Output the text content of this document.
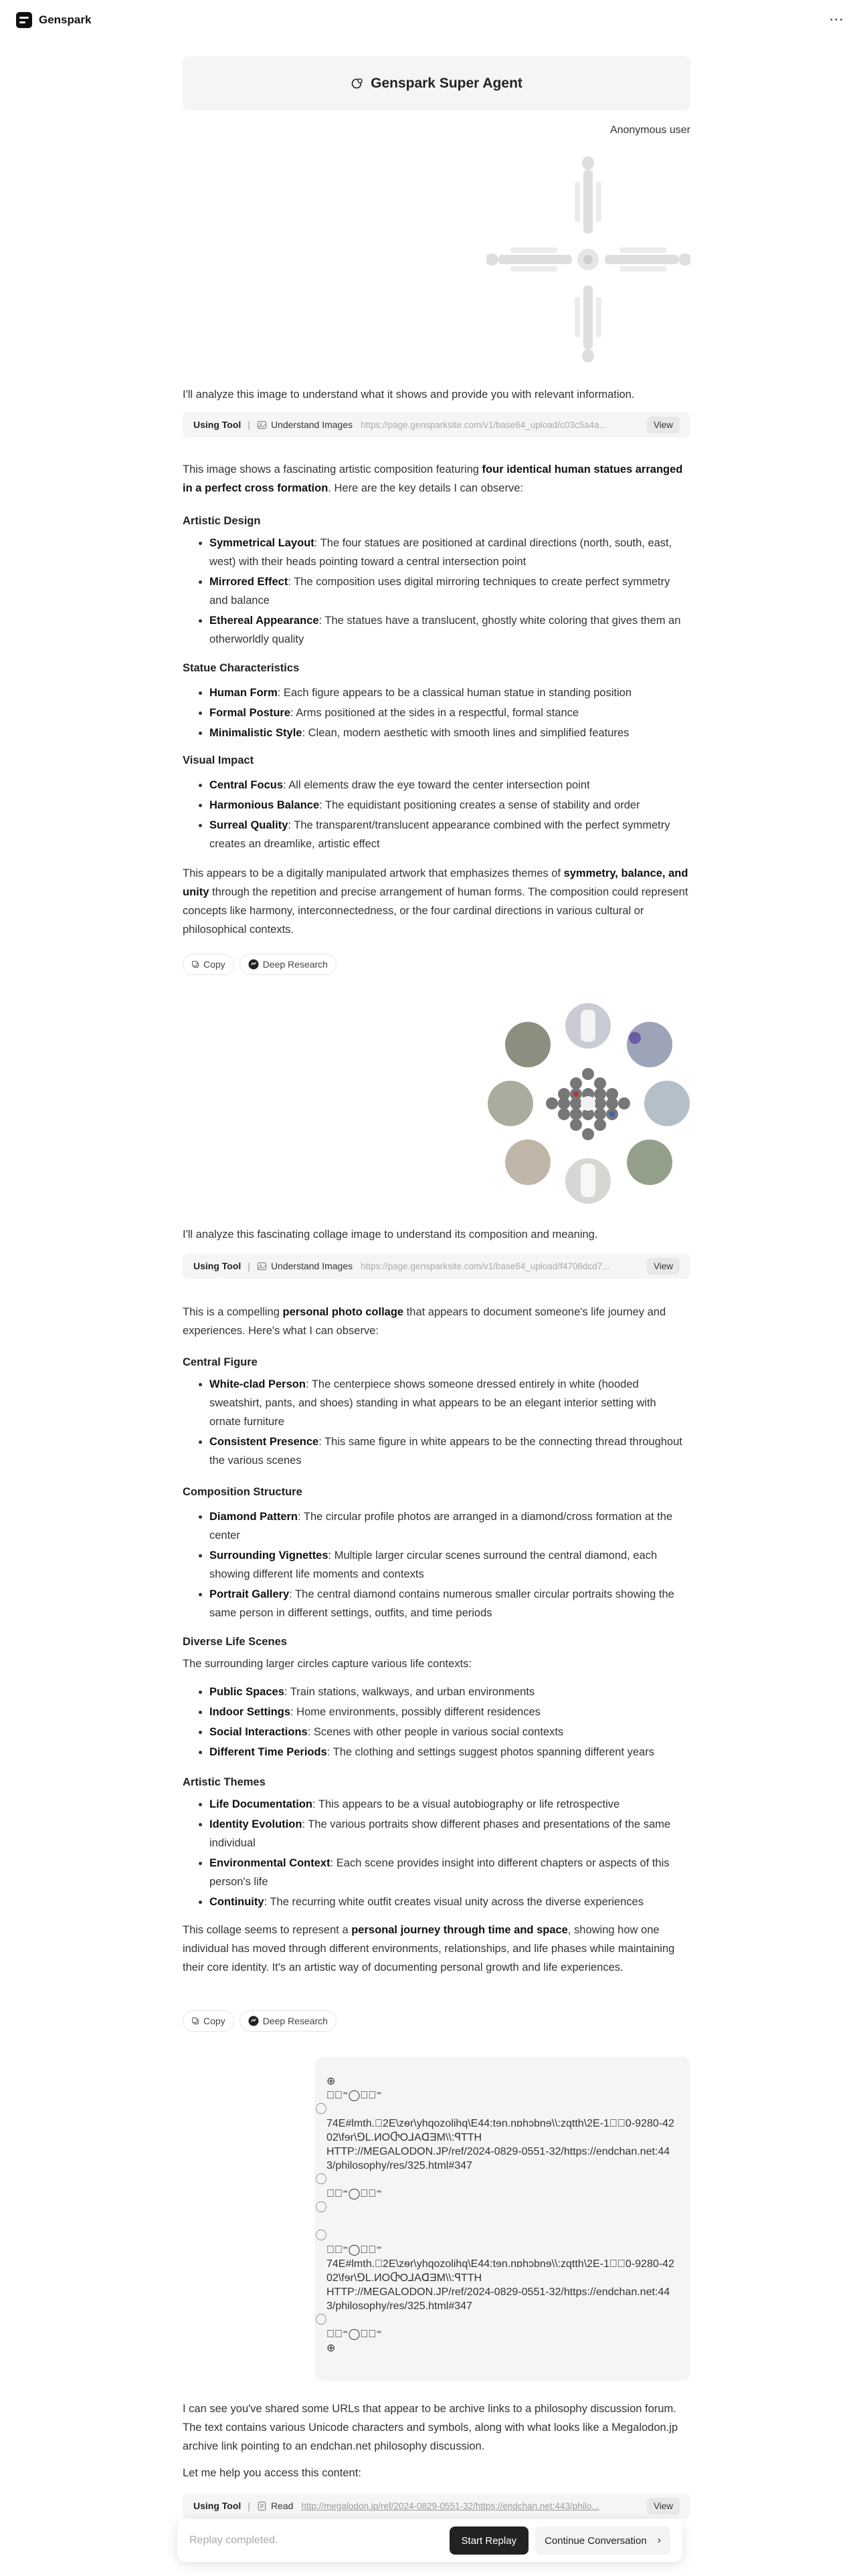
Genspark	⋯
Genspark Super Agent
Anonymous user

I'll analyze this image to understand what it shows and provide you with relevant information.

Using Tool | Understand Images https://page.gensparksite.com/v1/base64_upload/c03c5a4a...	View

This image shows a fascinating artistic composition featuring four identical human statues arranged in a perfect cross formation. Here are the key details I can observe:

Artistic Design
• Symmetrical Layout: The four statues are positioned at cardinal directions (north, south, east, west) with their heads pointing toward a central intersection point
• Mirrored Effect: The composition uses digital mirroring techniques to create perfect symmetry and balance
• Ethereal Appearance: The statues have a translucent, ghostly white coloring that gives them an otherworldly quality
Statue Characteristics
• Human Form: Each figure appears to be a classical human statue in standing position
• Formal Posture: Arms positioned at the sides in a respectful, formal stance
• Minimalistic Style: Clean, modern aesthetic with smooth lines and simplified features
Visual Impact
• Central Focus: All elements draw the eye toward the center intersection point
• Harmonious Balance: The equidistant positioning creates a sense of stability and order
• Surreal Quality: The transparent/translucent appearance combined with the perfect symmetry creates an dreamlike, artistic effect

This appears to be a digitally manipulated artwork that emphasizes themes of symmetry, balance, and unity through the repetition and precise arrangement of human forms. The composition could represent concepts like harmony, interconnectedness, or the four cardinal directions in various cultural or philosophical contexts.

Copy	Deep Research

I'll analyze this fascinating collage image to understand its composition and meaning.

Using Tool | Understand Images https://page.gensparksite.com/v1/base64_upload/f4706dcd7...	View

This is a compelling personal photo collage that appears to document someone's life journey and experiences. Here's what I can observe:

Central Figure
• White-clad Person: The centerpiece shows someone dressed entirely in white (hooded sweatshirt, pants, and shoes) standing in what appears to be an elegant interior setting with ornate furniture
• Consistent Presence: This same figure in white appears to be the connecting thread throughout the various scenes
Composition Structure
• Diamond Pattern: The circular profile photos are arranged in a diamond/cross formation at the center
• Surrounding Vignettes: Multiple larger circular scenes surround the central diamond, each showing different life moments and contexts
• Portrait Gallery: The central diamond contains numerous smaller circular portraits showing the same person in different settings, outfits, and time periods
Diverse Life Scenes

The surrounding larger circles capture various life contexts:

• Public Spaces: Train stations, walkways, and urban environments
• Indoor Settings: Home environments, possibly different residences
• Social Interactions: Scenes with other people in various social contexts
• Different Time Periods: The clothing and settings suggest photos spanning different years
Artistic Themes
• Life Documentation: This appears to be a visual autobiography or life retrospective
• Identity Evolution: The various portraits show different phases and presentations of the same individual
• Environmental Context: Each scene provides insight into different chapters or aspects of this person's life
• Continuity: The recurring white outfit creates visual unity across the diverse experiences

This collage seems to represent a personal journey through time and space, showing how one individual has moved through different environments, relationships, and life phases while maintaining their core identity. It's an artistic way of documenting personal growth and life experiences.

Copy	Deep Research
⊕
⁼⃝⁼◯⁼⃝⁼

74E#lmth.⃝2E\zѳr\yhqozolihq\E44:tɘn.nɒhɔbnɘ\\:zqtth\2E-1⃝⃝0-9280-4202\fɘr\⅁L.ИOႧO⅃AᗡƎM\\:ꟼTTH
HTTP://MEGALODON.JP/ref/2024-0829-0551-32/https://endchan.net:443/philosophy/res/325.html#347

⁼⃝⁼◯⁼⃝⁼

⁼⃝⁼◯⁼⃝⁼
74E#lmth.⃝2E\zѳr\yhqozolihq\E44:tɘn.nɒhɔbnɘ\\:zqtth\2E-1⃝⃝0-9280-4202\fɘr\⅁L.ИOႧO⅃AᗡƎM\\:ꟼTTH
HTTP://MEGALODON.JP/ref/2024-0829-0551-32/https://endchan.net:443/philosophy/res/325.html#347

⁼⃝⁼◯⁼⃝⁼
⊕

I can see you've shared some URLs that appear to be archive links to a philosophy discussion forum. The text contains various Unicode characters and symbols, along with what looks like a Megalodon.jp archive link pointing to an endchan.net philosophy discussion.

Let me help you access this content:

Using Tool | Read http://megalodon.jp/ref/2024-0829-0551-32/https://endchan.net:443/philo...	View
Replay completed.	Start Replay	Continue Conversation ›
